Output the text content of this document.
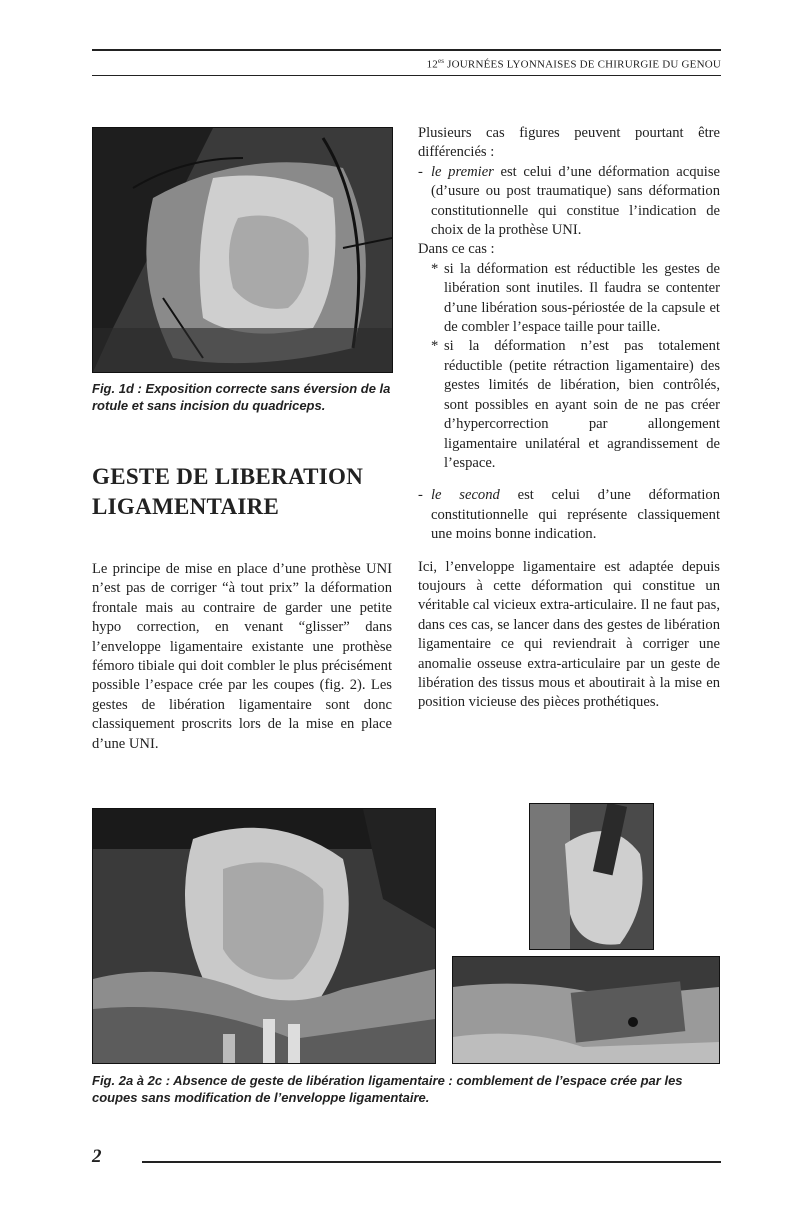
$12^{es}$ JOURNÉES LYONNAISES DE CHIRURGIE DU GENOU
Fig. 1d : Exposition correcte sans éversion de la rotule et sans incision du quadriceps.
GESTE DE LIBERATION LIGAMENTAIRE
Le principe de mise en place d’une prothèse UNI n’est pas de corriger “à tout prix” la déformation frontale mais au contraire de garder une petite hypo correction, en venant “glisser” dans l’enveloppe ligamentaire existante une prothèse fémoro tibiale qui doit combler le plus précisément possible l’espace crée par les coupes (fig. 2). Les gestes de libération ligamentaire sont donc classiquement proscrits lors de la mise en place d’une UNI.

Plusieurs cas figures peuvent pourtant être différenciés :

- le premier est celui d’une déformation acquise (d’usure ou post traumatique) sans déformation constitutionnelle qui constitue l’indication de choix de la prothèse UNI.

Dans ce cas :

* si la déformation est réductible les gestes de libération sont inutiles. Il faudra se contenter d’une libération sous-périostée de la capsule et de combler l’espace taille pour taille.
* si la déformation n’est pas totalement réductible (petite rétraction ligamentaire) des gestes limités de libération, bien contrôlés, sont possibles en ayant soin de ne pas créer d’hypercorrection par allongement ligamentaire unilatéral et agrandissement de l’espace.
- le second est celui d’une déformation constitutionnelle qui représente classiquement une moins bonne indication.

Ici, l’enveloppe ligamentaire est adaptée depuis toujours à cette déformation qui constitue un véritable cal vicieux extra-articulaire. Il ne faut pas, dans ces cas, se lancer dans des gestes de libération ligamentaire ce qui reviendrait à corriger une anomalie osseuse extra-articulaire par un geste de libération des tissus mous et aboutirait à la mise en position vicieuse des pièces prothétiques.

Fig. 2a à 2c : Absence de geste de libération ligamentaire : comblement de l’espace crée par les coupes sans modification de l’enveloppe ligamentaire.
2
